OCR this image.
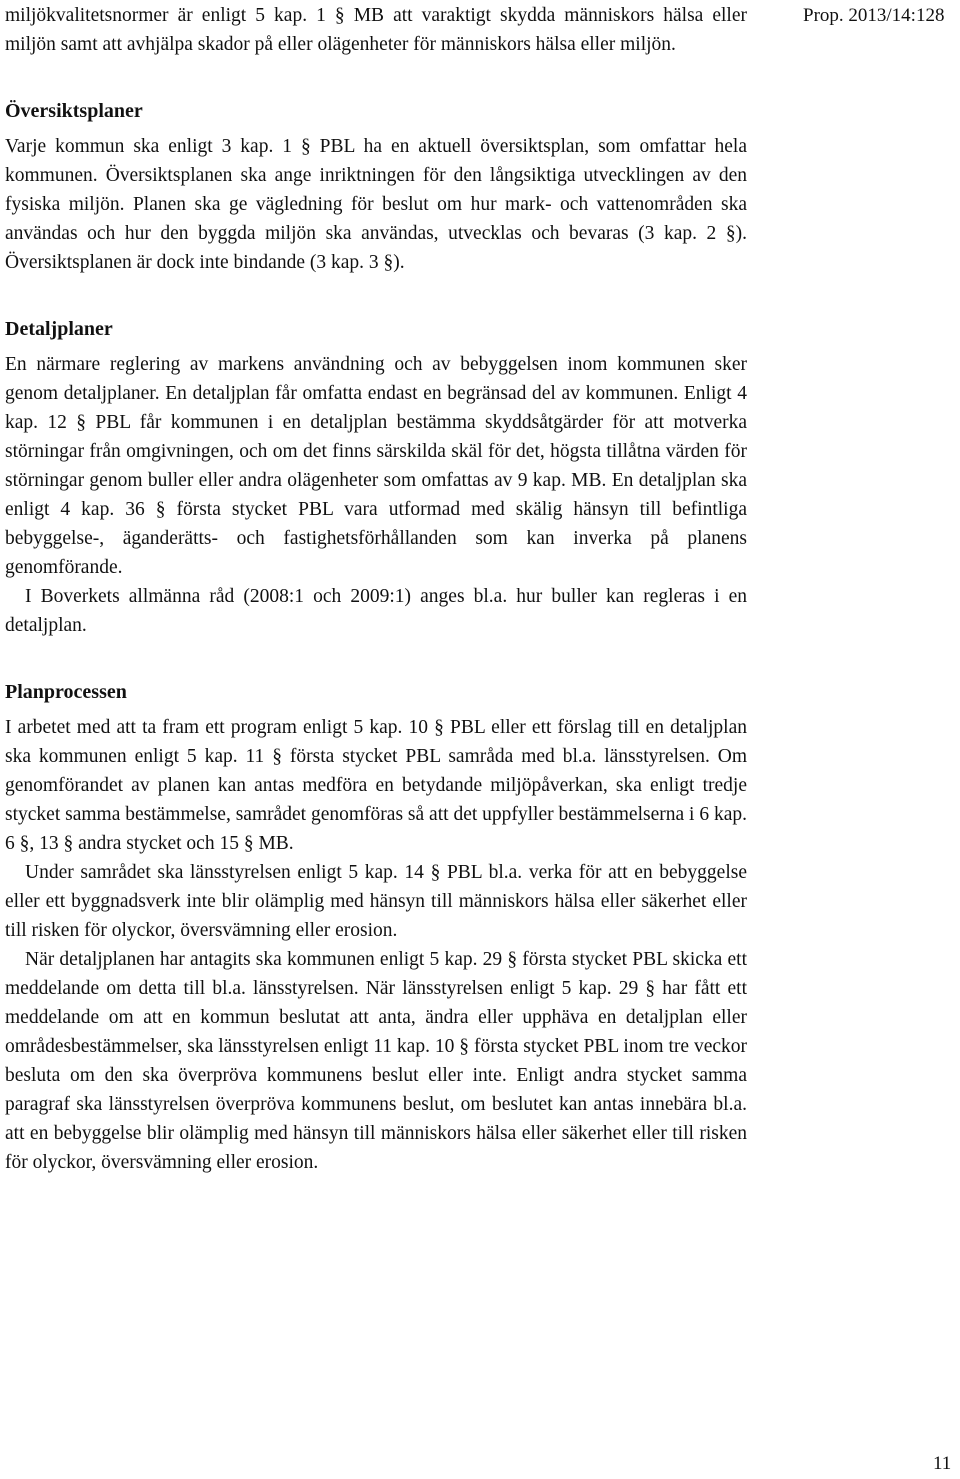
Prop. 2013/14:128

miljökvalitetsnormer är enligt 5 kap. 1 § MB att varaktigt skydda människors hälsa eller miljön samt att avhjälpa skador på eller olägenheter för människors hälsa eller miljön.

Översiktsplaner

Varje kommun ska enligt 3 kap. 1 § PBL ha en aktuell översiktsplan, som omfattar hela kommunen. Översiktsplanen ska ange inriktningen för den långsiktiga utvecklingen av den fysiska miljön. Planen ska ge vägledning för beslut om hur mark- och vattenområden ska användas och hur den byggda miljön ska användas, utvecklas och bevaras (3 kap. 2 §). Översiktsplanen är dock inte bindande (3 kap. 3 §).

Detaljplaner

En närmare reglering av markens användning och av bebyggelsen inom kommunen sker genom detaljplaner. En detaljplan får omfatta endast en begränsad del av kommunen. Enligt 4 kap. 12 § PBL får kommunen i en detaljplan bestämma skyddsåtgärder för att motverka störningar från omgivningen, och om det finns särskilda skäl för det, högsta tillåtna värden för störningar genom buller eller andra olägenheter som omfattas av 9 kap. MB. En detaljplan ska enligt 4 kap. 36 § första stycket PBL vara utformad med skälig hänsyn till befintliga bebyggelse-, äganderätts- och fastighetsförhållanden som kan inverka på planens genomförande.

I Boverkets allmänna råd (2008:1 och 2009:1) anges bl.a. hur buller kan regleras i en detaljplan.

Planprocessen

I arbetet med att ta fram ett program enligt 5 kap. 10 § PBL eller ett förslag till en detaljplan ska kommunen enligt 5 kap. 11 § första stycket PBL samråda med bl.a. länsstyrelsen. Om genomförandet av planen kan antas medföra en betydande miljöpåverkan, ska enligt tredje stycket samma bestämmelse, samrådet genomföras så att det uppfyller bestämmelserna i 6 kap. 6 §, 13 § andra stycket och 15 § MB.

Under samrådet ska länsstyrelsen enligt 5 kap. 14 § PBL bl.a. verka för att en bebyggelse eller ett byggnadsverk inte blir olämplig med hänsyn till människors hälsa eller säkerhet eller till risken för olyckor, översvämning eller erosion.

När detaljplanen har antagits ska kommunen enligt 5 kap. 29 § första stycket PBL skicka ett meddelande om detta till bl.a. länsstyrelsen. När länsstyrelsen enligt 5 kap. 29 § har fått ett meddelande om att en kommun beslutat att anta, ändra eller upphäva en detaljplan eller områdesbestämmelser, ska länsstyrelsen enligt 11 kap. 10 § första stycket PBL inom tre veckor besluta om den ska överpröva kommunens beslut eller inte. Enligt andra stycket samma paragraf ska länsstyrelsen överpröva kommunens beslut, om beslutet kan antas innebära bl.a. att en bebyggelse blir olämplig med hänsyn till människors hälsa eller säkerhet eller till risken för olyckor, översvämning eller erosion.

11
